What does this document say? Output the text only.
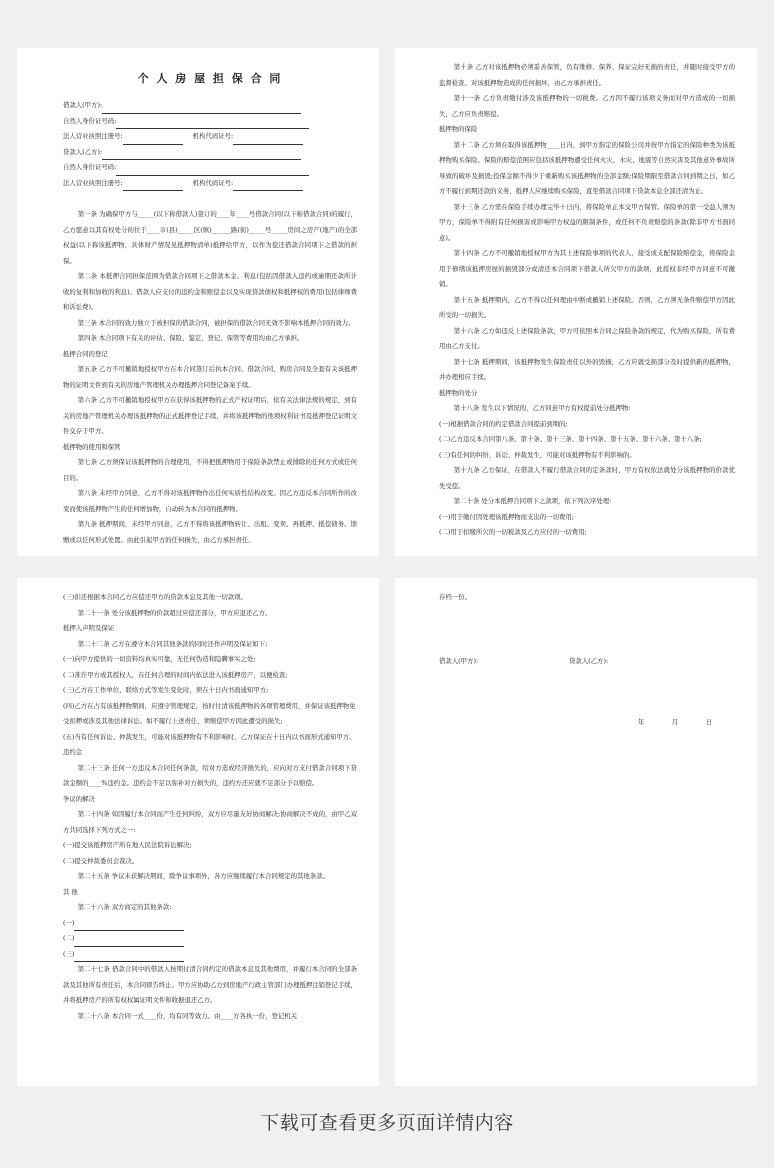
个 人 房 屋 担 保 合 同
借款人(甲方):
自然人身份证号码:
法人营业执照注册号:	机构代码证号:
贷款人(乙方):
自然人身份证号码:
法人营业执照注册号:	机构代码证号:
第一条 为确保甲方与_____(以下称借款人)签订的____年____号借款合同(以下称借款合同)的履行，乙方愿意以其有权处分的位于____市(县)_____区(镇)______路(街)_____号_____房间之房产(地产)的全部权益(以下称该抵押物，具体财产情况见抵押物清单)抵押给甲方，以作为偿还借款合同项下之借款的担保。
第二条 本抵押合同担保范围为借款合同项下之借款本金、利息(包括因借款人违约或逾期还款所计收的复利和加收的利息)、借款人应支付的违约金和赔偿金以及实现贷款债权和抵押权的费用(包括律师费和诉讼费)。
第三条 本合同的效力独立于被担保的借款合同，被担保的借款合同无效不影响本抵押合同的效力。
第四条 本合同项下有关的评估、保险、鉴定、登记、保管等费用均由乙方承担。
抵押合同的登记
第五条 乙方不可撤销地授权甲方在本合同签订后执本合同、借款合同、购房合同及全套有关该抵押物的证明文件到有关的房地产管理机关办理抵押合同登记备案手续。
第六条 乙方不可撤销地授权甲方在获得该抵押物的正式产权证明后，依有关法律法规的规定，到有关的房地产管理机关办理该抵押物的正式抵押登记手续，并将该抵押物的他项权利证书及抵押登记证明文件交存于甲方。
抵押物的使用和保管
第七条 乙方须保证该抵押物的合理使用，不得把抵押物用于保险条款禁止或排除的任何方式或任何目的。
第八条 未经甲方同意，乙方不得对该抵押物作出任何实质性结构改变。因乙方违反本合同所作的改变而使该抵押物产生的任何增加物，自动转为本合同的抵押物。
第九条 抵押期间，未经甲方同意，乙方不得将该抵押物转让、出租、变卖、再抵押、抵偿债务、馈赠或以任何形式处置。由此引起甲方的任何损失，由乙方承担责任。
第十条 乙方对该抵押物必须妥善保管，负有维修、保养、保证完好无损的责任，并随时接受甲方的监督检查。对该抵押物造成的任何损坏，由乙方承担责任。
第十一条 乙方负责缴付涉及该抵押物的一切税费。乙方因不履行该项义务而对甲方造成的一切损失，乙方应负责赔偿。
抵押物的保险
第十二条 乙方须在取得该抵押物____日内，到甲方指定的保险公司并按甲方指定的保险种类为该抵押物购买保险。保险的赔偿范围应包括该抵押物遭受任何火灾、水灾、地震等自然灾害及其他意外事故所导致的破坏及损毁;投保金额不得少于重新购买该抵押物的全部金额;保险期限至借款合同到期之日，如乙方不履行到期还款的义务，抵押人应继续购买保险，直至借款合同项下贷款本息全部还清为止。
第十三条 乙方需在保险手续办理完毕十日内，将保险单正本交甲方保管。保险单的第一受益人须为甲方，保险单不得附有任何损害或影响甲方权益的限制条件，或任何不负责赔偿的条款(除非甲方书面同意)。
第十四条 乙方不可撤销地授权甲方为其上述保险事项的代表人，接受或支配保险赔偿金，将保险金用于修缮该抵押房屋的损毁部分或清还本合同项下借款人所欠甲方的款项，此授权非经甲方同意不可撤销。
第十五条 抵押期内，乙方不得以任何理由中断或撤销上述保险。否则，乙方须无条件赔偿甲方因此所受的一切损失。
第十六条 乙方如违反上述保险条款，甲方可依照本合同之保险条款的规定，代为购买保险，所有费用由乙方支付。
第十七条 抵押期间，该抵押物发生保险责任以外的毁损，乙方应就受损部分及时提供新的抵押物，并办理相应手续。
抵押物的处分
第十八条 发生以下情况的，乙方同意甲方有权提前处分抵押物:
(一)根据借款合同的约定借款合同提前到期的;
(二)乙方违反本合同第八条、第十条、第十三条、第十四条、第十五条、第十六条、第十八条;
(三)有任何的纠纷、诉讼、仲裁发生，可能对该抵押物有不利影响的。
第十九条 乙方保证，在借款人不履行借款合同的定条款时，甲方有权依法就处分该抵押物的价款优先受偿。
第二十条 处分本抵押合同项下之款项，依下列次序处理:
(一)用于缴付因处理该抵押物而支出的一切费用;
(二)用于扣缴所欠的一切税款及乙方应付的一切费用;
(三)扣还根据本合同乙方应偿还甲方的贷款本息及其他一切款项。
第二十一条 处分该抵押物的价款超过应偿还部分，甲方应退还乙方。
抵押人声明及保证
第二十二条 乙方在遵守本合同其他条款的同时还作声明及保证如下:
(一)向甲方提供的一切资料均真实可靠，无任何伪造和隐瞒事实之处;
(二)准许甲方或其授权人，在任何合理的时间内依法进入该抵押房产，以便检查;
(三)乙方在工作单位、联络方式等发生变化时，须在十日内书面通知甲方;
(四)乙方在占有该抵押物期间，应遵守管理规定，按时付清该抵押物的各项管理费用，并保证该抵押物免受扣押或涉及其他法律诉讼。如不履行上述责任，须赔偿甲方因此遭受的损失;
(五)当有任何诉讼、仲裁发生，可能对该抵押物有不利影响时，乙方保证在十日内以书面形式通知甲方。
违约金
第二十三条 任何一方违反本合同任何条款，给对方造成经济损失的，应向对方支付借款合同项下贷款金额的____%违约金。违约金不足以弥补对方损失的，违约方还应就不足部分予以赔偿。
争议的解决
第二十四条 如因履行本合同而产生任何纠纷，双方应尽量友好协商解决;协商解决不成的，由甲乙双方共同选择下列方式之一:
(一)提交该抵押房产所在地人民法院诉讼解决;
(二)提交仲裁委员会裁决。
第二十五条 争议未获解决期间，除争议事项外，各方应继续履行本合同规定的其他条款。
其 他
第二十六条 双方商定的其他条款:
(一)
(二)
(三)
第二十七条 借款合同中的借款人按期付清合同约定的借款本息及其他费用，并履行本合同的全部条款及其他所有责任后，本合同即告终止。甲方应协助乙方到房地产行政主管部门办理抵押注销登记手续，并将抵押房产的所有权权属证明文件和收据退还乙方。
第二十八条 本合同一式____份，均有同等效力。由____方各执一份，登记机关
存档一份。
借款人(甲方):	贷款人(乙方):
年 月 日
下载可查看更多页面详情内容
